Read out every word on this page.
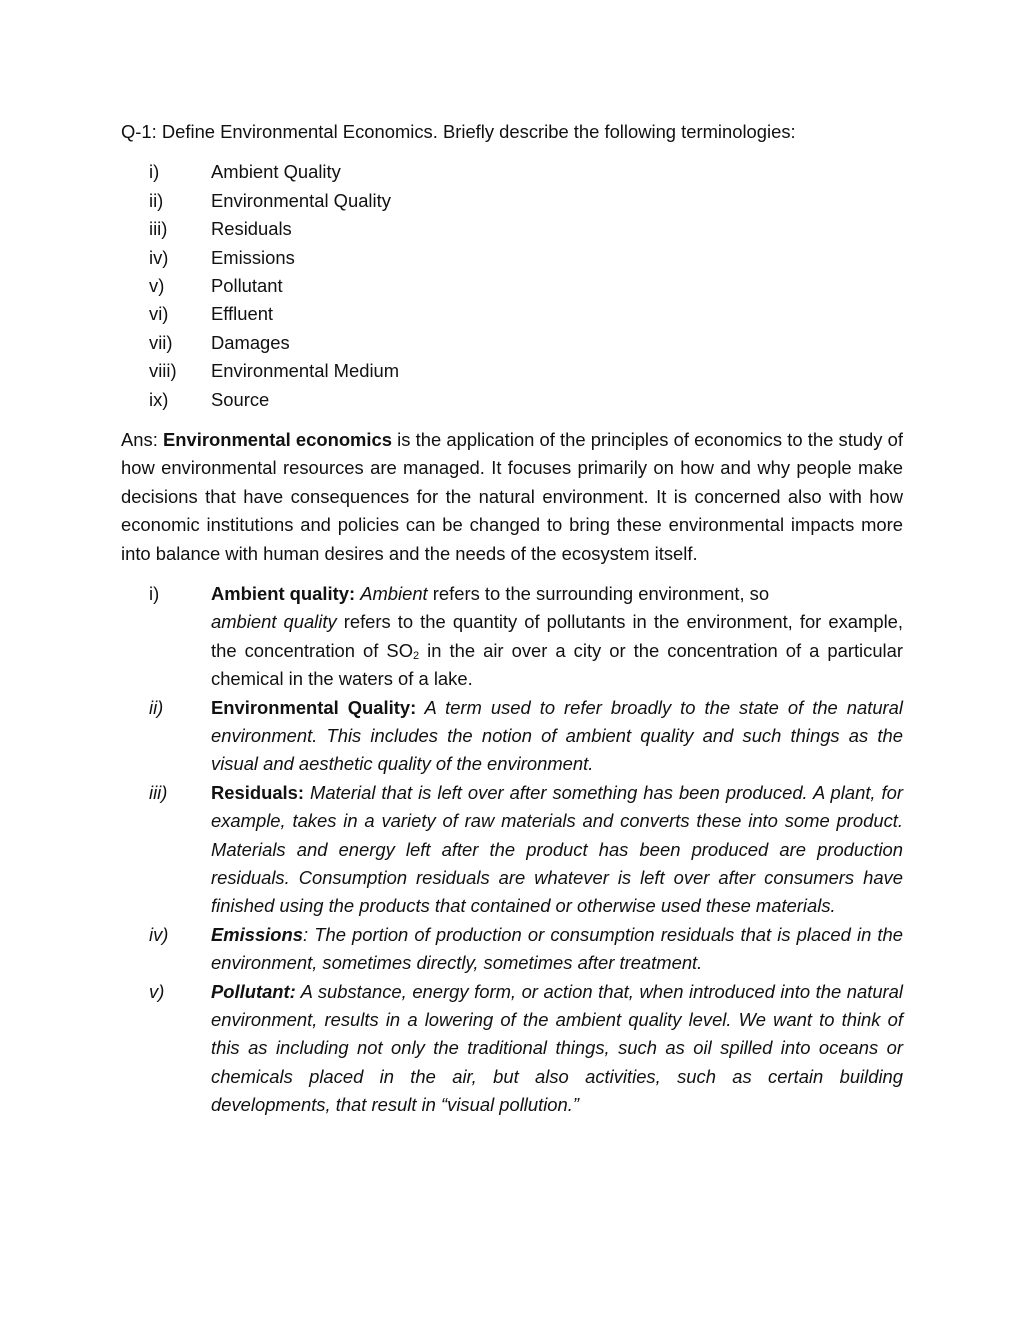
Q-1: Define Environmental Economics. Briefly describe the following terminologies:
i)	Ambient Quality
ii)	Environmental Quality
iii)	Residuals
iv)	Emissions
v)	Pollutant
vi)	Effluent
vii)	Damages
viii)	Environmental Medium
ix)	Source
Ans: Environmental economics is the application of the principles of economics to the study of how environmental resources are managed. It focuses primarily on how and why people make decisions that have consequences for the natural environment. It is concerned also with how economic institutions and policies can be changed to bring these environmental impacts more into balance with human desires and the needs of the ecosystem itself.
i)	Ambient quality: Ambient refers to the surrounding environment, so
ambient quality refers to the quantity of pollutants in the environment, for example, the concentration of $SO_2$ in the air over a city or the concentration of a particular chemical in the waters of a lake.
ii)	Environmental Quality: A term used to refer broadly to the state of the natural environment. This includes the notion of ambient quality and such things as the visual and aesthetic quality of the environment.
iii)	Residuals: Material that is left over after something has been produced. A plant, for example, takes in a variety of raw materials and converts these into some product. Materials and energy left after the product has been produced are production residuals. Consumption residuals are whatever is left over after consumers have finished using the products that contained or otherwise used these materials.
iv)	Emissions: The portion of production or consumption residuals that is placed in the environment, sometimes directly, sometimes after treatment.
v)	Pollutant: A substance, energy form, or action that, when introduced into the natural environment, results in a lowering of the ambient quality level. We want to think of this as including not only the traditional things, such as oil spilled into oceans or chemicals placed in the air, but also activities, such as certain building developments, that result in “visual pollution.”
